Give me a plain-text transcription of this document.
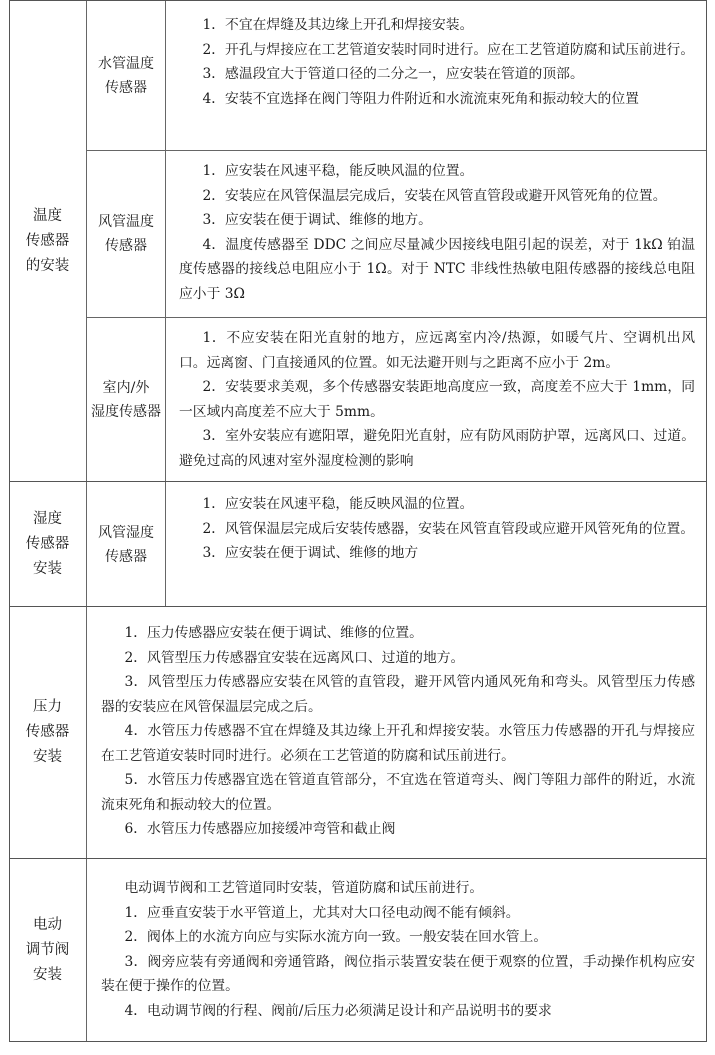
温度
传感器
的安装
水管温度
传感器

1．不宜在焊缝及其边缘上开孔和焊接安装。

2．开孔与焊接应在工艺管道安装时同时进行。应在工艺管道防腐和试压前进行。

3．感温段宜大于管道口径的二分之一，应安装在管道的顶部。

4．安装不宜选择在阀门等阻力件附近和水流流束死角和振动较大的位置

风管温度
传感器

1．应安装在风速平稳，能反映风温的位置。

2．安装应在风管保温层完成后，安装在风管直管段或避开风管死角的位置。

3．应安装在便于调试、维修的地方。

4．温度传感器至 DDC 之间应尽量减少因接线电阻引起的误差，对于 1kΩ 铂温度传感器的接线总电阻应小于 1Ω。对于 NTC 非线性热敏电阻传感器的接线总电阻应小于 3Ω

室内/外
湿度传感器

1．不应安装在阳光直射的地方，应远离室内冷/热源，如暖气片、空调机出风口。远离窗、门直接通风的位置。如无法避开则与之距离不应小于 2m。

2．安装要求美观，多个传感器安装距地高度应一致，高度差不应大于 1mm，同一区域内高度差不应大于 5mm。

3．室外安装应有遮阳罩，避免阳光直射，应有防风雨防护罩，远离风口、过道。避免过高的风速对室外湿度检测的影响

湿度
传感器
安装
风管湿度
传感器

1．应安装在风速平稳，能反映风温的位置。

2．风管保温层完成后安装传感器，安装在风管直管段或应避开风管死角的位置。

3．应安装在便于调试、维修的地方

压力
传感器
安装

1．压力传感器应安装在便于调试、维修的位置。

2．风管型压力传感器宜安装在远离风口、过道的地方。

3．风管型压力传感器应安装在风管的直管段，避开风管内通风死角和弯头。风管型压力传感器的安装应在风管保温层完成之后。

4．水管压力传感器不宜在焊缝及其边缘上开孔和焊接安装。水管压力传感器的开孔与焊接应在工艺管道安装时同时进行。必须在工艺管道的防腐和试压前进行。

5．水管压力传感器宜选在管道直管部分，不宜选在管道弯头、阀门等阻力部件的附近，水流流束死角和振动较大的位置。

6．水管压力传感器应加接缓冲弯管和截止阀

电动
调节阀
安装

电动调节阀和工艺管道同时安装，管道防腐和试压前进行。

1．应垂直安装于水平管道上，尤其对大口径电动阀不能有倾斜。

2．阀体上的水流方向应与实际水流方向一致。一般安装在回水管上。

3．阀旁应装有旁通阀和旁通管路，阀位指示装置安装在便于观察的位置，手动操作机构应安装在便于操作的位置。

4．电动调节阀的行程、阀前/后压力必须满足设计和产品说明书的要求
